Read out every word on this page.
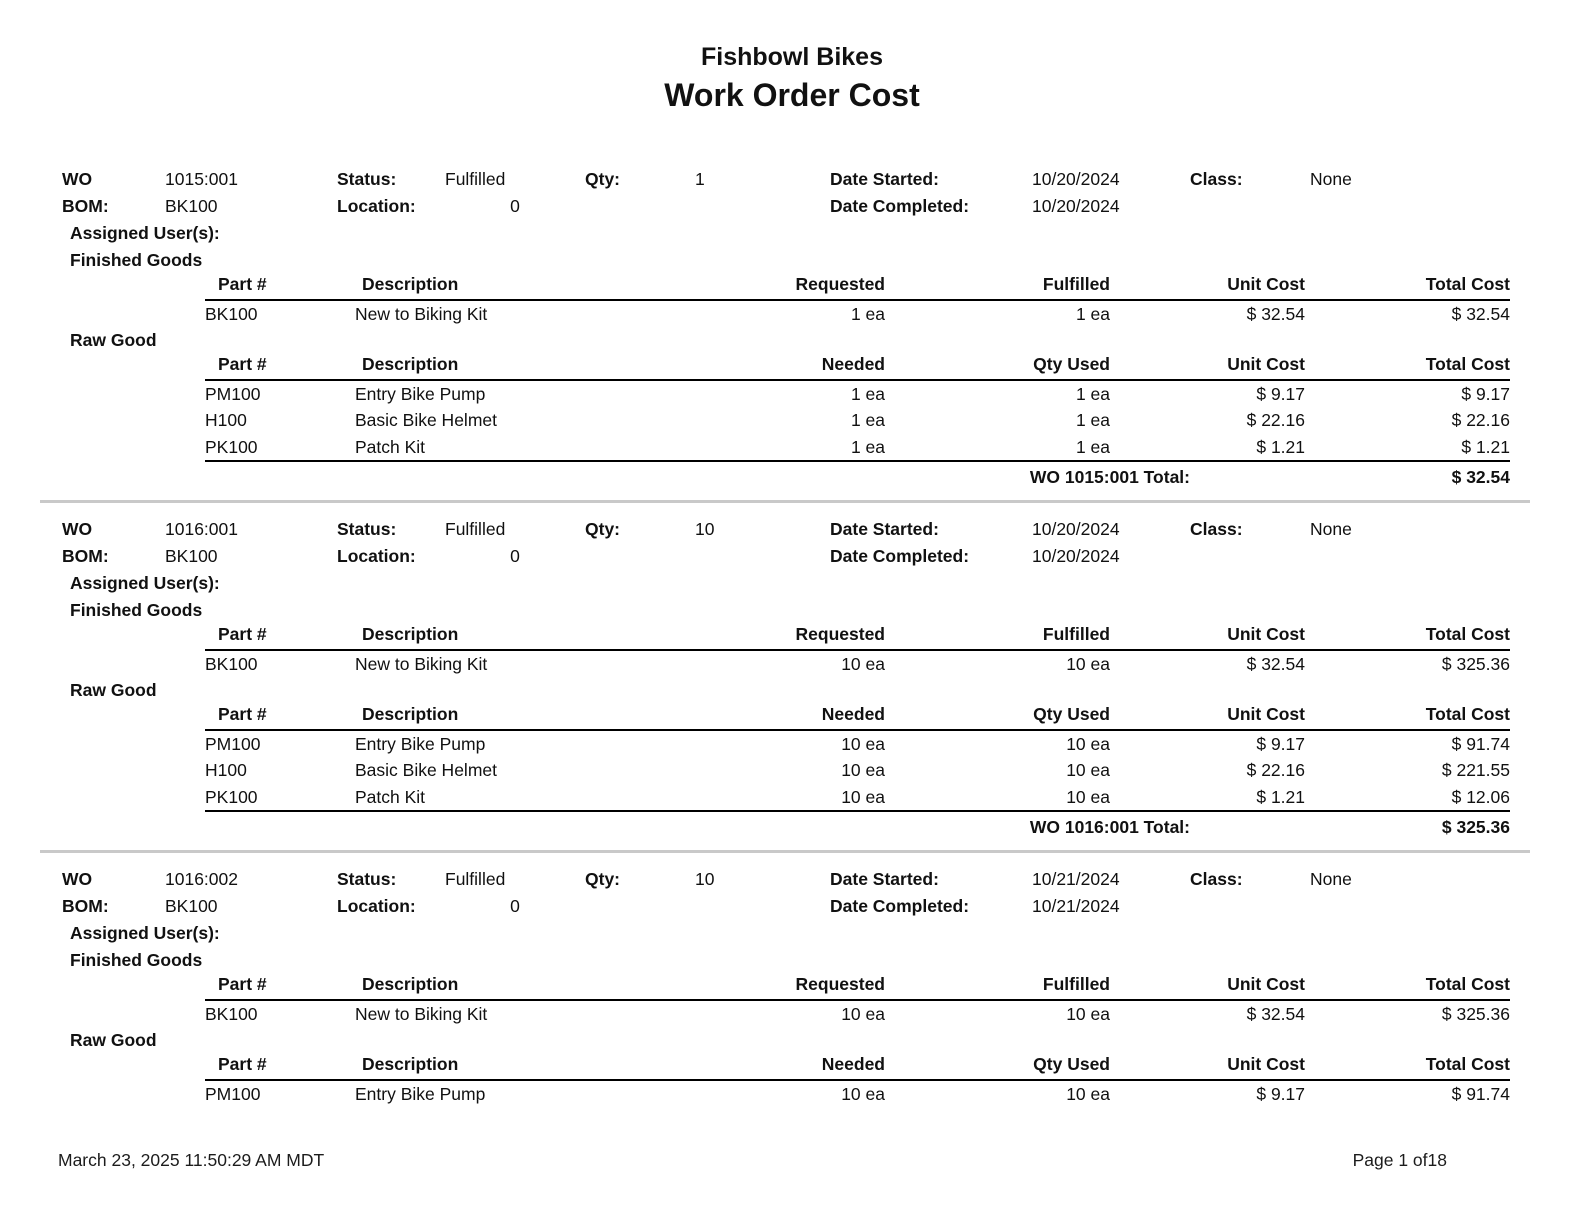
Fishbowl Bikes
Work Order Cost
WO	1015:001	Status:	Fulfilled	Qty:	1	Date Started:	10/20/2024	Class:	None
BOM:	BK100	Location:	0	Date Completed:	10/20/2024
Assigned User(s):
Finished Goods
Part #	Description	Requested	Fulfilled	Unit Cost	Total Cost
BK100	New to Biking Kit	1 ea	1 ea	$ 32.54	$ 32.54
Raw Good
Part #	Description	Needed	Qty Used	Unit Cost	Total Cost
PM100	Entry Bike Pump	1 ea	1 ea	$ 9.17	$ 9.17
H100	Basic Bike Helmet	1 ea	1 ea	$ 22.16	$ 22.16
PK100	Patch Kit	1 ea	1 ea	$ 1.21	$ 1.21
WO 1015:001 Total:	$ 32.54
WO	1016:001	Status:	Fulfilled	Qty:	10	Date Started:	10/20/2024	Class:	None
BOM:	BK100	Location:	0	Date Completed:	10/20/2024
Assigned User(s):
Finished Goods
Part #	Description	Requested	Fulfilled	Unit Cost	Total Cost
BK100	New to Biking Kit	10 ea	10 ea	$ 32.54	$ 325.36
Raw Good
Part #	Description	Needed	Qty Used	Unit Cost	Total Cost
PM100	Entry Bike Pump	10 ea	10 ea	$ 9.17	$ 91.74
H100	Basic Bike Helmet	10 ea	10 ea	$ 22.16	$ 221.55
PK100	Patch Kit	10 ea	10 ea	$ 1.21	$ 12.06
WO 1016:001 Total:	$ 325.36
WO	1016:002	Status:	Fulfilled	Qty:	10	Date Started:	10/21/2024	Class:	None
BOM:	BK100	Location:	0	Date Completed:	10/21/2024
Assigned User(s):
Finished Goods
Part #	Description	Requested	Fulfilled	Unit Cost	Total Cost
BK100	New to Biking Kit	10 ea	10 ea	$ 32.54	$ 325.36
Raw Good
Part #	Description	Needed	Qty Used	Unit Cost	Total Cost
PM100	Entry Bike Pump	10 ea	10 ea	$ 9.17	$ 91.74
March 23, 2025 11:50:29 AM MDT	Page 1 of18
